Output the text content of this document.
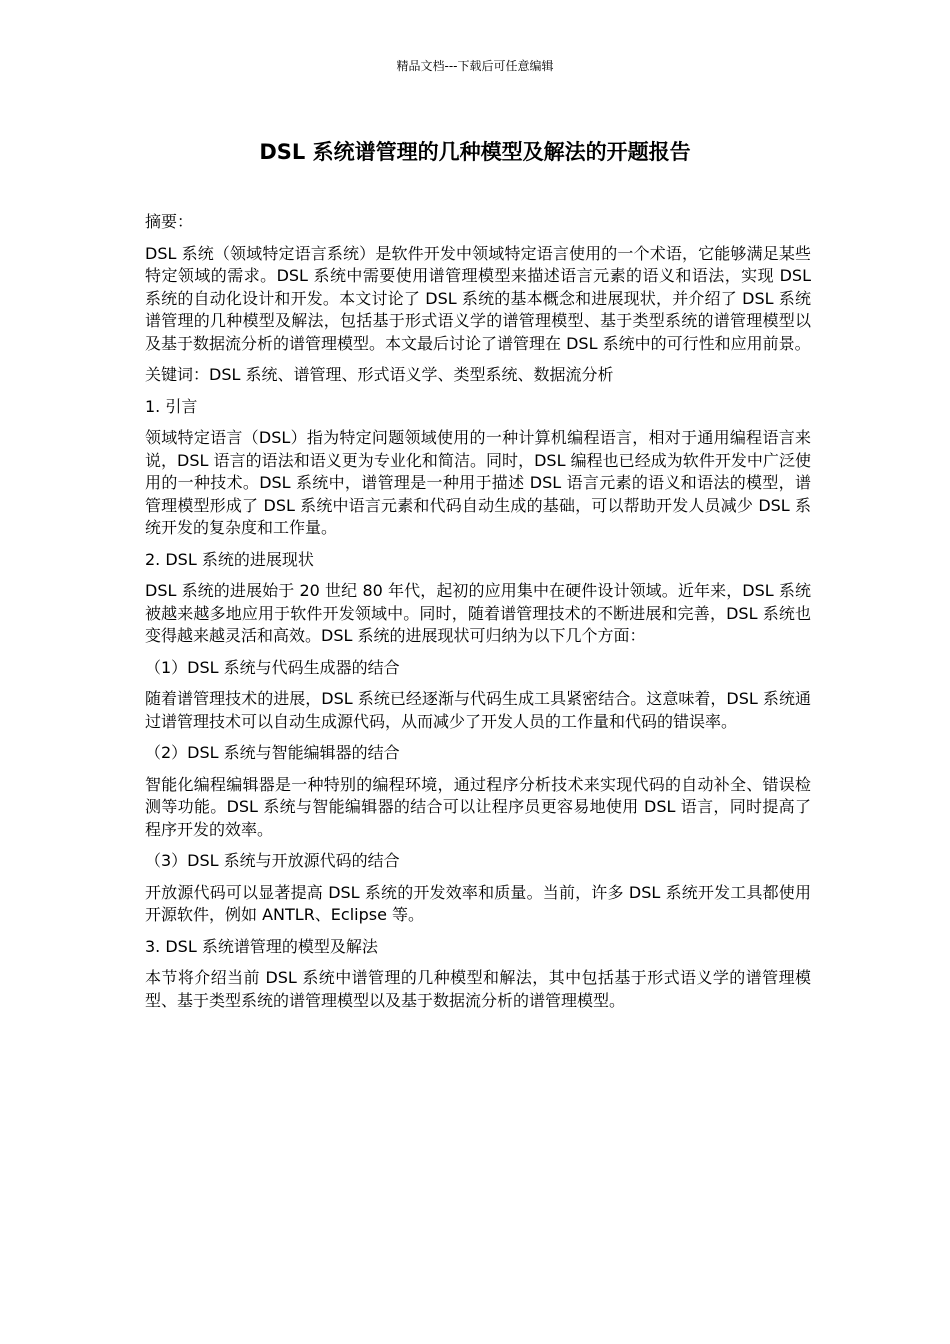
精品文档---下载后可任意编辑
DSL 系统谱管理的几种模型及解法的开题报告

摘要：

DSL 系统（领域特定语言系统）是软件开发中领域特定语言使用的一个术语，它能够满足某些特定领域的需求。DSL 系统中需要使用谱管理模型来描述语言元素的语义和语法，实现 DSL 系统的自动化设计和开发。本文讨论了 DSL 系统的基本概念和进展现状，并介绍了 DSL 系统谱管理的几种模型及解法，包括基于形式语义学的谱管理模型、基于类型系统的谱管理模型以及基于数据流分析的谱管理模型。本文最后讨论了谱管理在 DSL 系统中的可行性和应用前景。

关键词：DSL 系统、谱管理、形式语义学、类型系统、数据流分析

1. 引言

领域特定语言（DSL）指为特定问题领域使用的一种计算机编程语言，相对于通用编程语言来说，DSL 语言的语法和语义更为专业化和简洁。同时，DSL 编程也已经成为软件开发中广泛使用的一种技术。DSL 系统中，谱管理是一种用于描述 DSL 语言元素的语义和语法的模型，谱管理模型形成了 DSL 系统中语言元素和代码自动生成的基础，可以帮助开发人员减少 DSL 系统开发的复杂度和工作量。

2. DSL 系统的进展现状

DSL 系统的进展始于 20 世纪 80 年代，起初的应用集中在硬件设计领域。近年来，DSL 系统被越来越多地应用于软件开发领域中。同时，随着谱管理技术的不断进展和完善，DSL 系统也变得越来越灵活和高效。DSL 系统的进展现状可归纳为以下几个方面：

（1）DSL 系统与代码生成器的结合

随着谱管理技术的进展，DSL 系统已经逐渐与代码生成工具紧密结合。这意味着，DSL 系统通过谱管理技术可以自动生成源代码，从而减少了开发人员的工作量和代码的错误率。

（2）DSL 系统与智能编辑器的结合

智能化编程编辑器是一种特别的编程环境，通过程序分析技术来实现代码的自动补全、错误检测等功能。DSL 系统与智能编辑器的结合可以让程序员更容易地使用 DSL 语言，同时提高了程序开发的效率。

（3）DSL 系统与开放源代码的结合

开放源代码可以显著提高 DSL 系统的开发效率和质量。当前，许多 DSL 系统开发工具都使用开源软件，例如 ANTLR、Eclipse 等。

3. DSL 系统谱管理的模型及解法

本节将介绍当前 DSL 系统中谱管理的几种模型和解法，其中包括基于形式语义学的谱管理模型、基于类型系统的谱管理模型以及基于数据流分析的谱管理模型。
